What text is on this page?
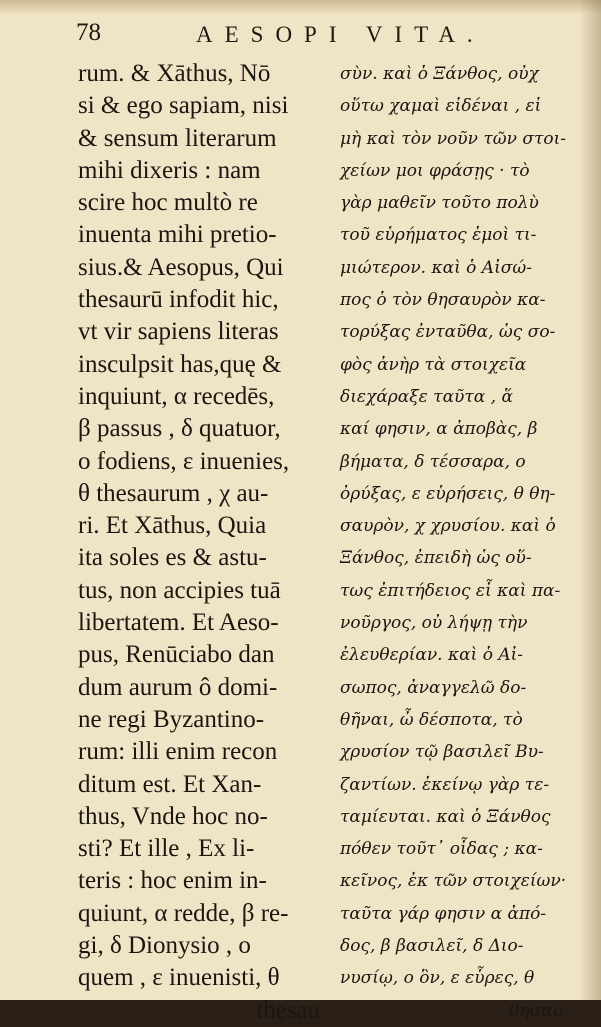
78	AESOPI VITA.
rum. & Xāthus, Nō
si & ego sapiam, nisi
& sensum literarum
mihi dixeris : nam
scire hoc multò re
inuenta mihi pretio-
sius.& Aesopus, Qui
thesaurū infodit hic,
vt vir sapiens literas
insculpsit has,quę &
inquiunt, α recedēs,
β passus , δ quatuor,
ο fodiens, ε inuenies,
θ thesaurum , χ au-
ri. Et Xāthus, Quia
ita soles es & astu-
tus, non accipies tuā
libertatem. Et Aeso-
pus, Renūciabo dan
dum aurum ô domi-
ne regi Byzantino-
rum: illi enim recon
ditum est. Et Xan-
thus, Vnde hoc no-
sti? Et ille , Ex li-
teris : hoc enim in-
quiunt, α redde, β re-
gi, δ Dionysio , ο
quem , ε inuenisti, θ
thesau
σὺν. καὶ ὁ Ξάνθος, οὐχ
οὕτω χαμαὶ εἰδέναι , εἰ
μὴ καὶ τὸν νοῦν τῶν στοι-
χείων μοι φράσῃς · τὸ
γὰρ μαθεῖν τοῦτο πολὺ
τοῦ εὑρήματος ἐμοὶ τι-
μιώτερον. καὶ ὁ Αἰσώ-
πος ὁ τὸν θησαυρὸν κα-
τορύξας ἐνταῦθα, ὡς σο-
φὸς ἀνὴρ τὰ στοιχεῖα
διεχάραξε ταῦτα , ἅ
καί φησιν, α ἀποβὰς, β
βήματα, δ τέσσαρα, ο
ὀρύξας, ε εὑρήσεις, θ θη-
σαυρὸν, χ χρυσίου. καὶ ὁ
Ξάνθος, ἐπειδὴ ὡς οὕ-
τως ἐπιτήδειος εἶ καὶ πα-
νοῦργος, οὐ λήψῃ τὴν
ἐλευθερίαν. καὶ ὁ Αἰ-
σωπος, ἀναγγελῶ δο-
θῆναι, ὦ δέσποτα, τὸ
χρυσίον τῷ βασιλεῖ Βυ-
ζαντίων. ἐκείνῳ γὰρ τε-
ταμίευται. καὶ ὁ Ξάνθος
πόθεν τοῦτ᾽ οἶδας ; κα-
κεῖνος, ἐκ τῶν στοιχείων·
ταῦτα γάρ φησιν α ἀπό-
δος, β βασιλεῖ, δ Διο-
νυσίῳ, ο ὃν, ε εὗρες, θ
θησαυ
